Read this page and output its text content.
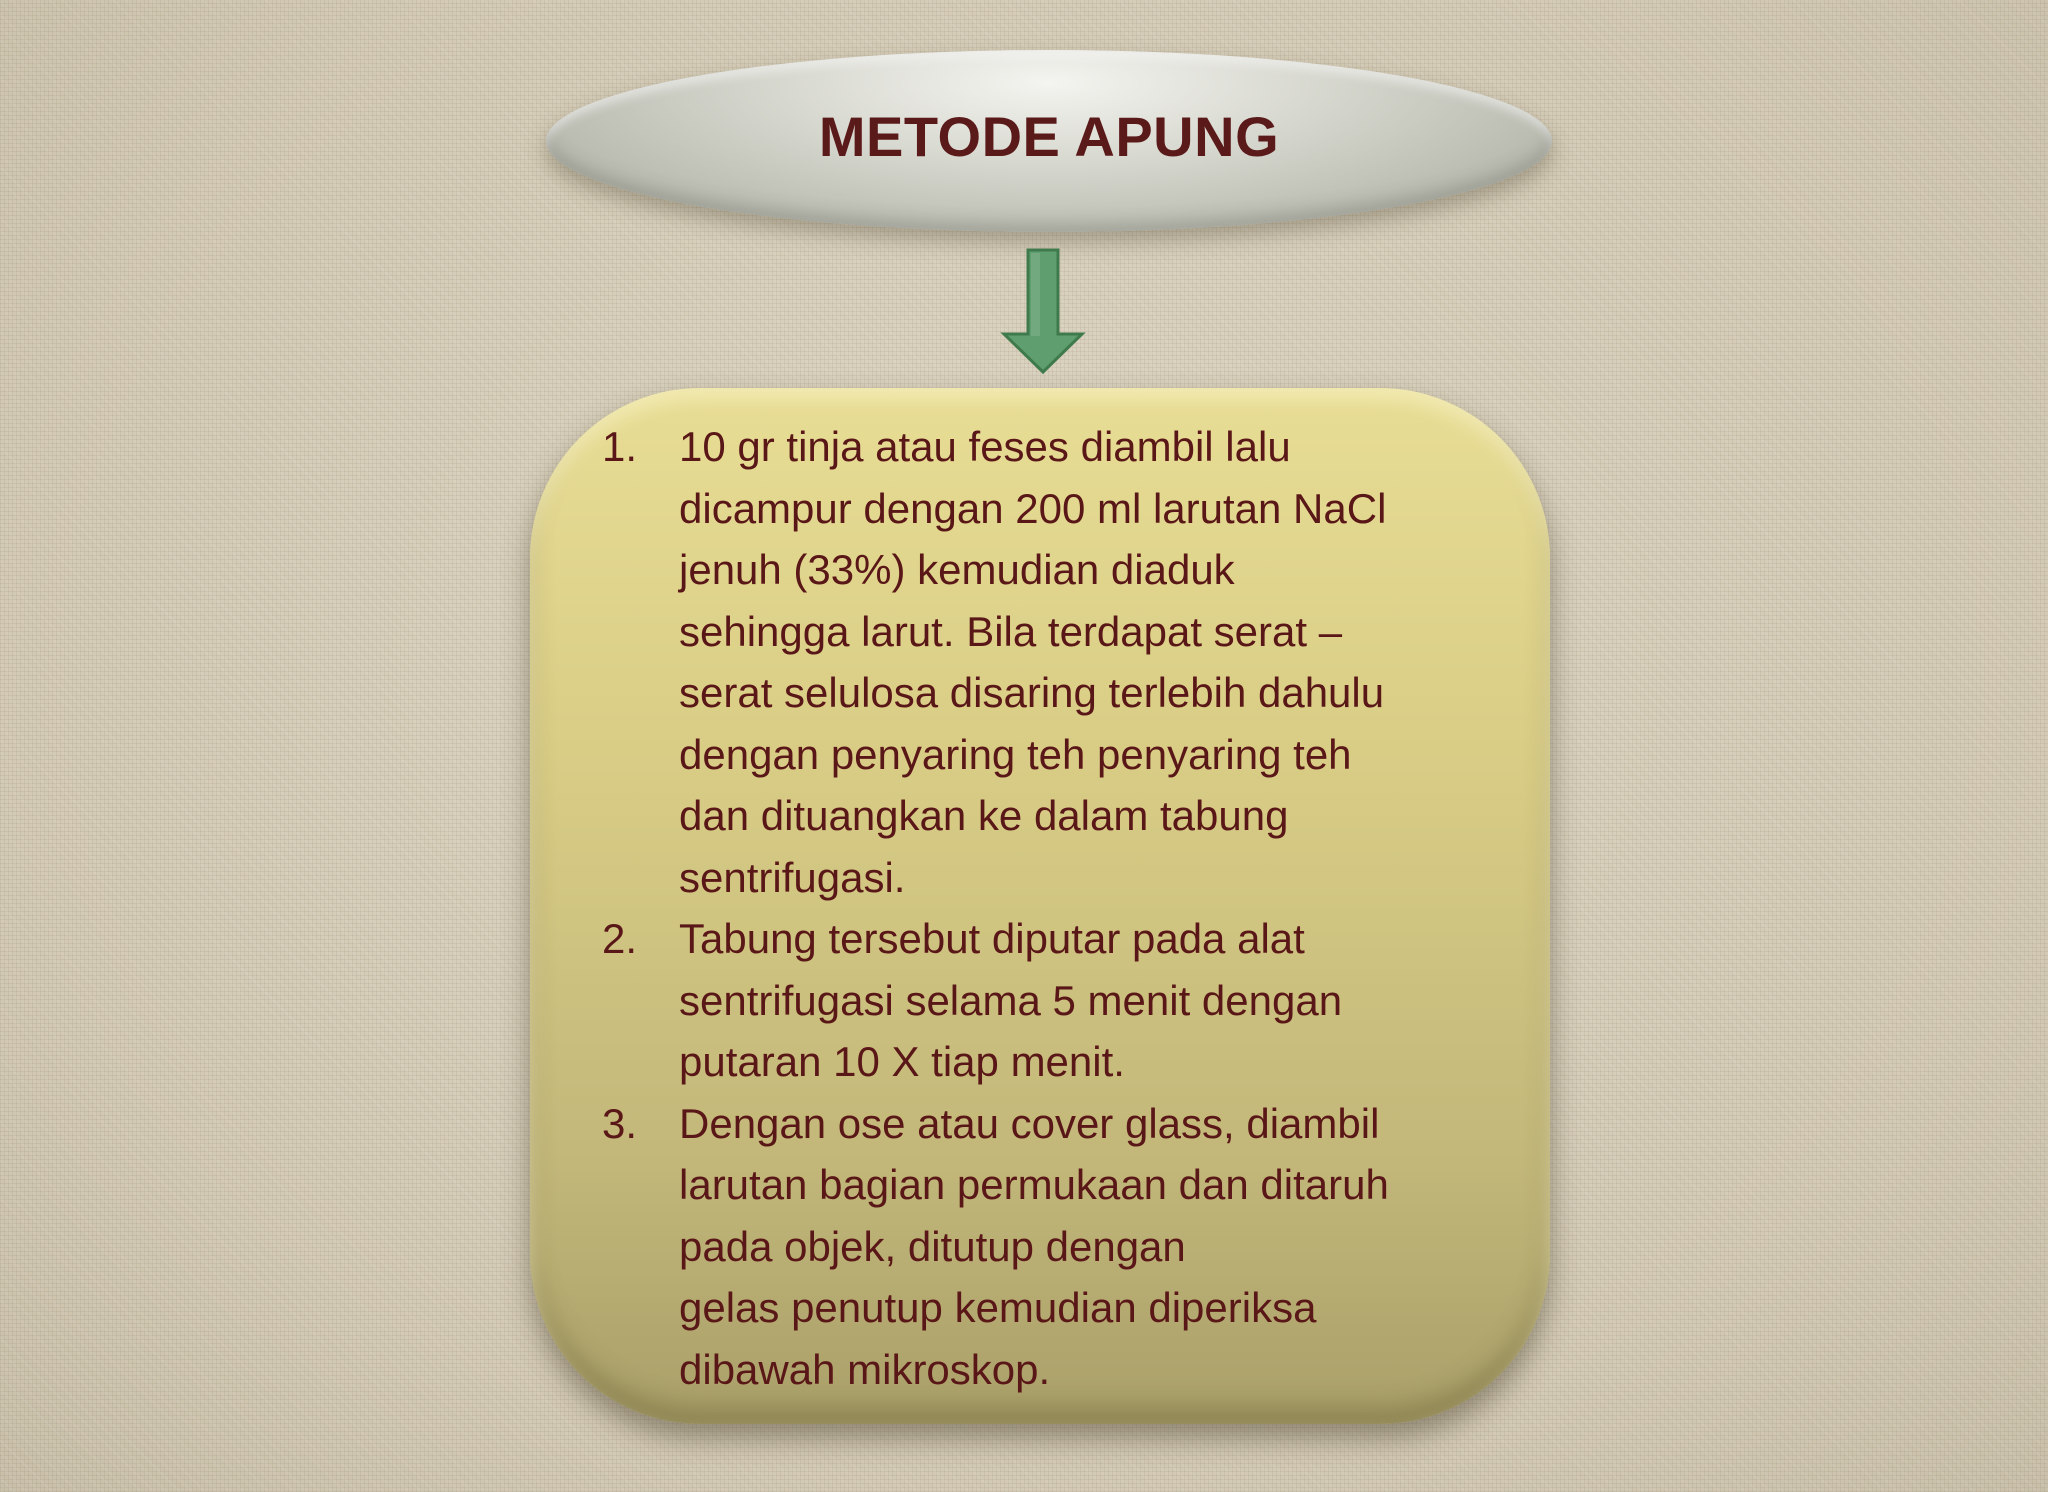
METODE APUNG
1. 10 gr tinja atau feses diambil lalu
dicampur dengan 200 ml larutan NaCl
jenuh (33%) kemudian diaduk
sehingga larut. Bila terdapat serat –
serat selulosa disaring terlebih dahulu
dengan penyaring teh penyaring teh
dan dituangkan ke dalam tabung
sentrifugasi.
2. Tabung tersebut diputar pada alat
sentrifugasi selama 5 menit dengan
putaran 10 X tiap menit.
3. Dengan ose atau cover glass, diambil
larutan bagian permukaan dan ditaruh
pada objek, ditutup dengan
gelas penutup kemudian diperiksa
dibawah mikroskop.
